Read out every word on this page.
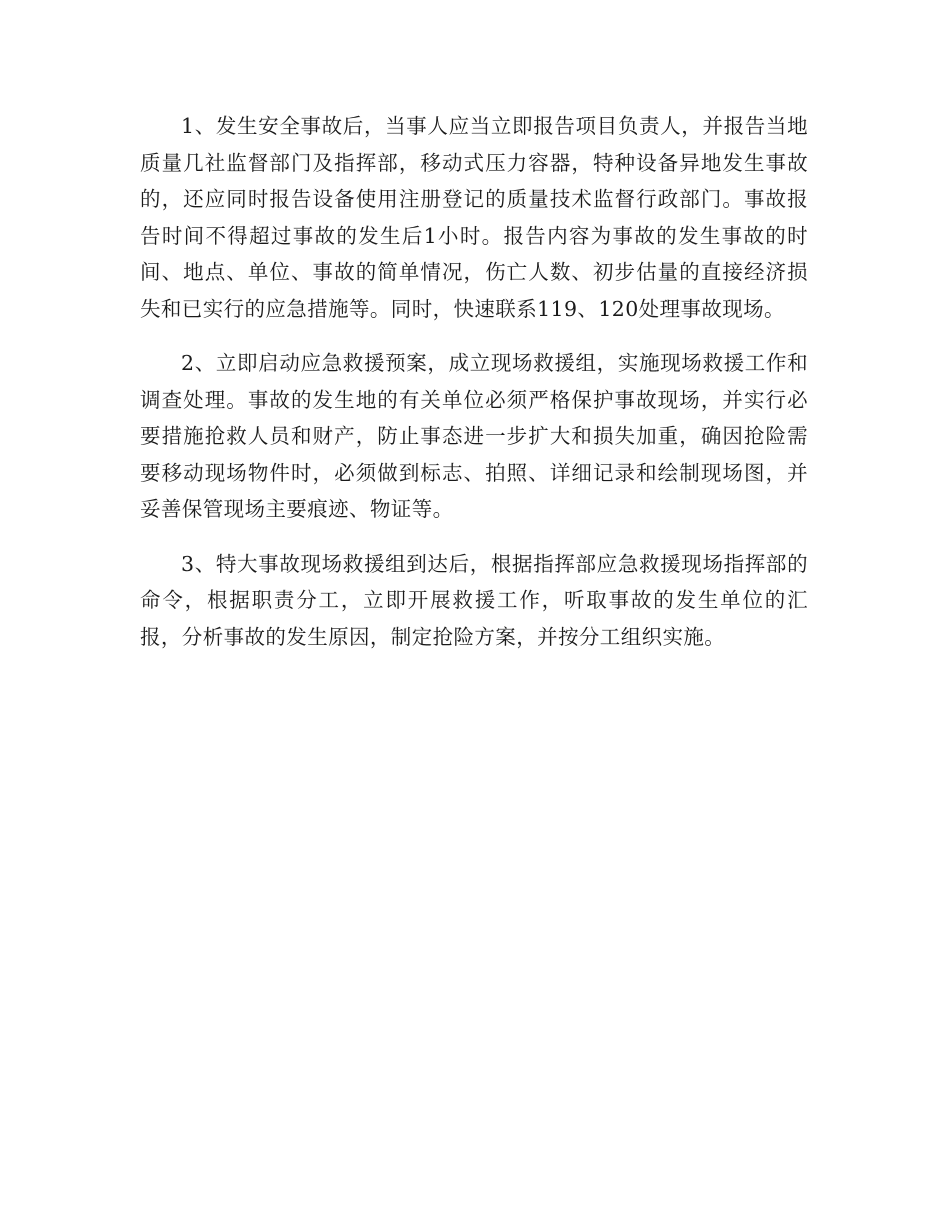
1、发生安全事故后，当事人应当立即报告项目负责人，并报告当地质量几社监督部门及指挥部，移动式压力容器，特种设备异地发生事故的，还应同时报告设备使用注册登记的质量技术监督行政部门。事故报告时间不得超过事故的发生后1小时。报告内容为事故的发生事故的时间、地点、单位、事故的简单情况，伤亡人数、初步估量的直接经济损失和已实行的应急措施等。同时，快速联系119、120处理事故现场。

2、立即启动应急救援预案，成立现场救援组，实施现场救援工作和调查处理。事故的发生地的有关单位必须严格保护事故现场，并实行必要措施抢救人员和财产，防止事态进一步扩大和损失加重，确因抢险需要移动现场物件时，必须做到标志、拍照、详细记录和绘制现场图，并妥善保管现场主要痕迹、物证等。

3、特大事故现场救援组到达后，根据指挥部应急救援现场指挥部的命令，根据职责分工，立即开展救援工作，听取事故的发生单位的汇报，分析事故的发生原因，制定抢险方案，并按分工组织实施。
